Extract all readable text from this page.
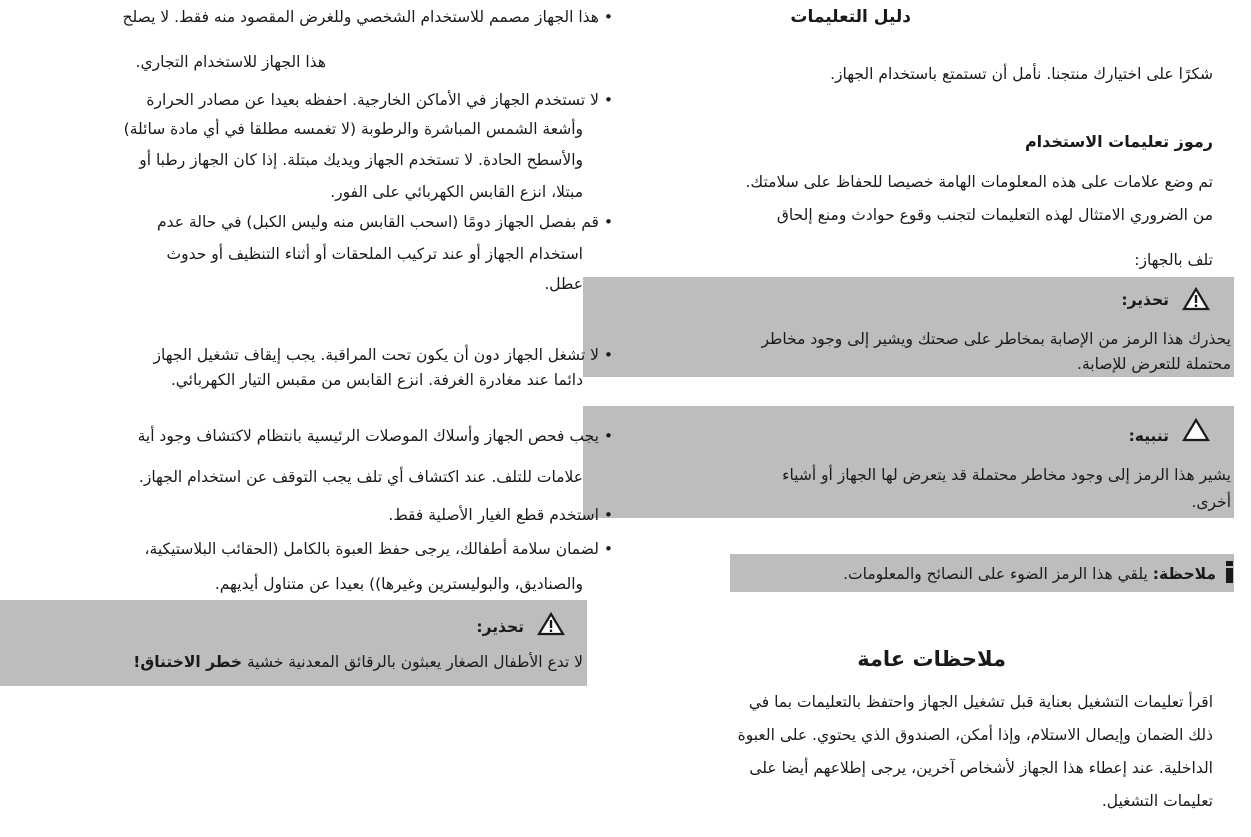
دليل التعليمات
شكرًا على اختيارك منتجنا. نأمل أن تستمتع باستخدام الجهاز.
رموز تعليمات الاستخدام
تم وضع علامات على هذه المعلومات الهامة خصيصا للحفاظ على سلامتك.
من الضروري الامتثال لهذه التعليمات لتجنب وقوع حوادث ومنع إلحاق
تلف بالجهاز:
تحذير:
يحذرك هذا الرمز من الإصابة بمخاطر على صحتك ويشير إلى وجود مخاطر
محتملة للتعرض للإصابة.
تنبيه:
يشير هذا الرمز إلى وجود مخاطر محتملة قد يتعرض لها الجهاز أو أشياء
أخرى.
ملاحظة: يلقي هذا الرمز الضوء على النصائح والمعلومات.
ملاحظات عامة
اقرأ تعليمات التشغيل بعناية قبل تشغيل الجهاز واحتفظ بالتعليمات بما في
ذلك الضمان وإيصال الاستلام، وإذا أمكن، الصندوق الذي يحتوي. على العبوة
الداخلية. عند إعطاء هذا الجهاز لأشخاص آخرين، يرجى إطلاعهم أيضا على
تعليمات التشغيل.
• هذا الجهاز مصمم للاستخدام الشخصي وللغرض المقصود منه فقط. لا يصلح
هذا الجهاز للاستخدام التجاري.
• لا تستخدم الجهاز في الأماكن الخارجية. احفظه بعيدا عن مصادر الحرارة
وأشعة الشمس المباشرة والرطوبة (لا تغمسه مطلقا في أي مادة سائلة)
والأسطح الحادة. لا تستخدم الجهاز ويديك مبتلة. إذا كان الجهاز رطبا أو
مبتلا، انزع القابس الكهربائي على الفور.
• قم بفصل الجهاز دومًا (اسحب القابس منه وليس الكبل) في حالة عدم
استخدام الجهاز أو عند تركيب الملحقات أو أثناء التنظيف أو حدوث
عطل.
• لا تشغل الجهاز دون أن يكون تحت المراقبة. يجب إيقاف تشغيل الجهاز
دائما عند مغادرة الغرفة. انزع القابس من مقبس التيار الكهربائي.
• يجب فحص الجهاز وأسلاك الموصلات الرئيسية بانتظام لاكتشاف وجود أية
علامات للتلف. عند اكتشاف أي تلف يجب التوقف عن استخدام الجهاز.
• استخدم قطع الغيار الأصلية فقط.
• لضمان سلامة أطفالك، يرجى حفظ العبوة بالكامل (الحقائب البلاستيكية،
والصناديق، والبوليسترين وغيرها)) بعيدا عن متناول أيديهم.
تحذير:
لا تدع الأطفال الصغار يعبثون بالرقائق المعدنية خشية خطر الاختناق!
